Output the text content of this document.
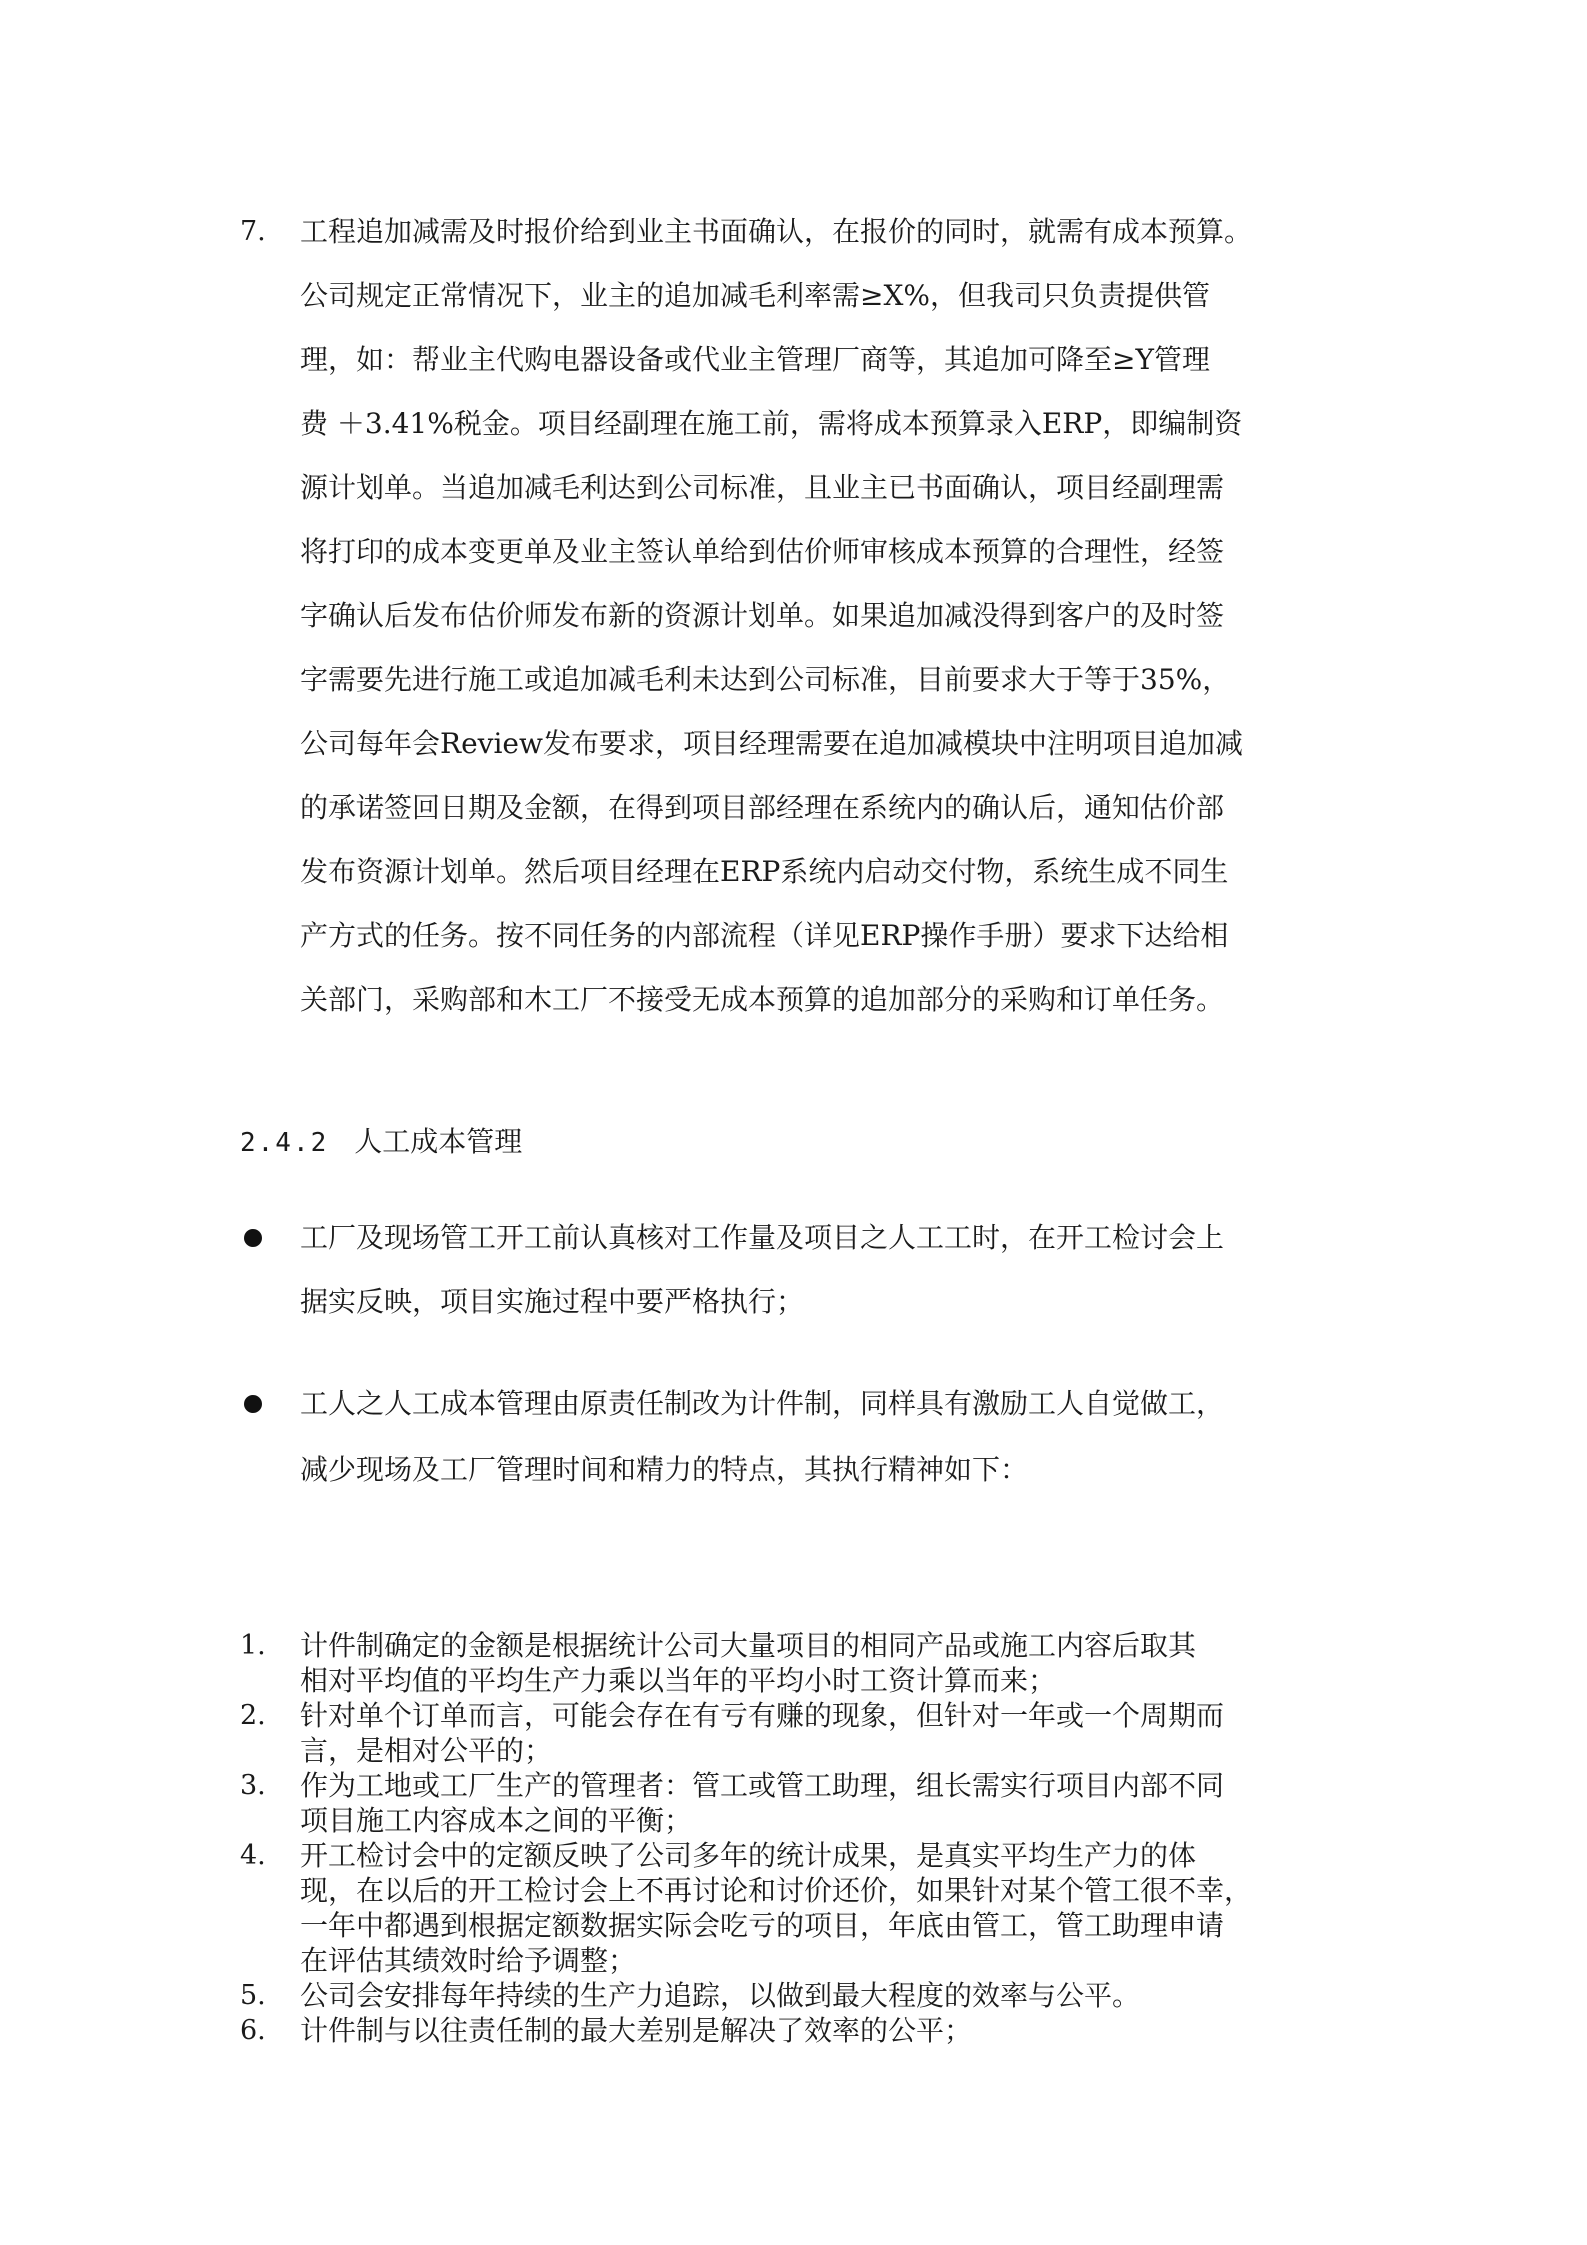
7. 工程追加减需及时报价给到业主书面确认，在报价的同时，就需有成本预算。
公司规定正常情况下，业主的追加减毛利率需≥X%，但我司只负责提供管
理，如：帮业主代购电器设备或代业主管理厂商等，其追加可降至≥Y管理
费 ＋3.41%税金。项目经副理在施工前，需将成本预算录入ERP，即编制资
源计划单。当追加减毛利达到公司标准，且业主已书面确认，项目经副理需
将打印的成本变更单及业主签认单给到估价师审核成本预算的合理性，经签
字确认后发布估价师发布新的资源计划单。如果追加减没得到客户的及时签
字需要先进行施工或追加减毛利未达到公司标准，目前要求大于等于35%，
公司每年会Review发布要求，项目经理需要在追加减模块中注明项目追加减
的承诺签回日期及金额，在得到项目部经理在系统内的确认后，通知估价部
发布资源计划单。然后项目经理在ERP系统内启动交付物，系统生成不同生
产方式的任务。按不同任务的内部流程（详见ERP操作手册）要求下达给相
关部门，采购部和木工厂不接受无成本预算的追加部分的采购和订单任务。
2.4.2 人工成本管理
工厂及现场管工开工前认真核对工作量及项目之人工工时，在开工检讨会上
据实反映，项目实施过程中要严格执行；
工人之人工成本管理由原责任制改为计件制，同样具有激励工人自觉做工，
减少现场及工厂管理时间和精力的特点，其执行精神如下：
1. 计件制确定的金额是根据统计公司大量项目的相同产品或施工内容后取其
相对平均值的平均生产力乘以当年的平均小时工资计算而来；
2. 针对单个订单而言，可能会存在有亏有赚的现象，但针对一年或一个周期而
言，是相对公平的；
3. 作为工地或工厂生产的管理者：管工或管工助理，组长需实行项目内部不同
项目施工内容成本之间的平衡；
4. 开工检讨会中的定额反映了公司多年的统计成果，是真实平均生产力的体
现，在以后的开工检讨会上不再讨论和讨价还价，如果针对某个管工很不幸，
一年中都遇到根据定额数据实际会吃亏的项目，年底由管工，管工助理申请
在评估其绩效时给予调整；
5. 公司会安排每年持续的生产力追踪，以做到最大程度的效率与公平。
6. 计件制与以往责任制的最大差别是解决了效率的公平；
